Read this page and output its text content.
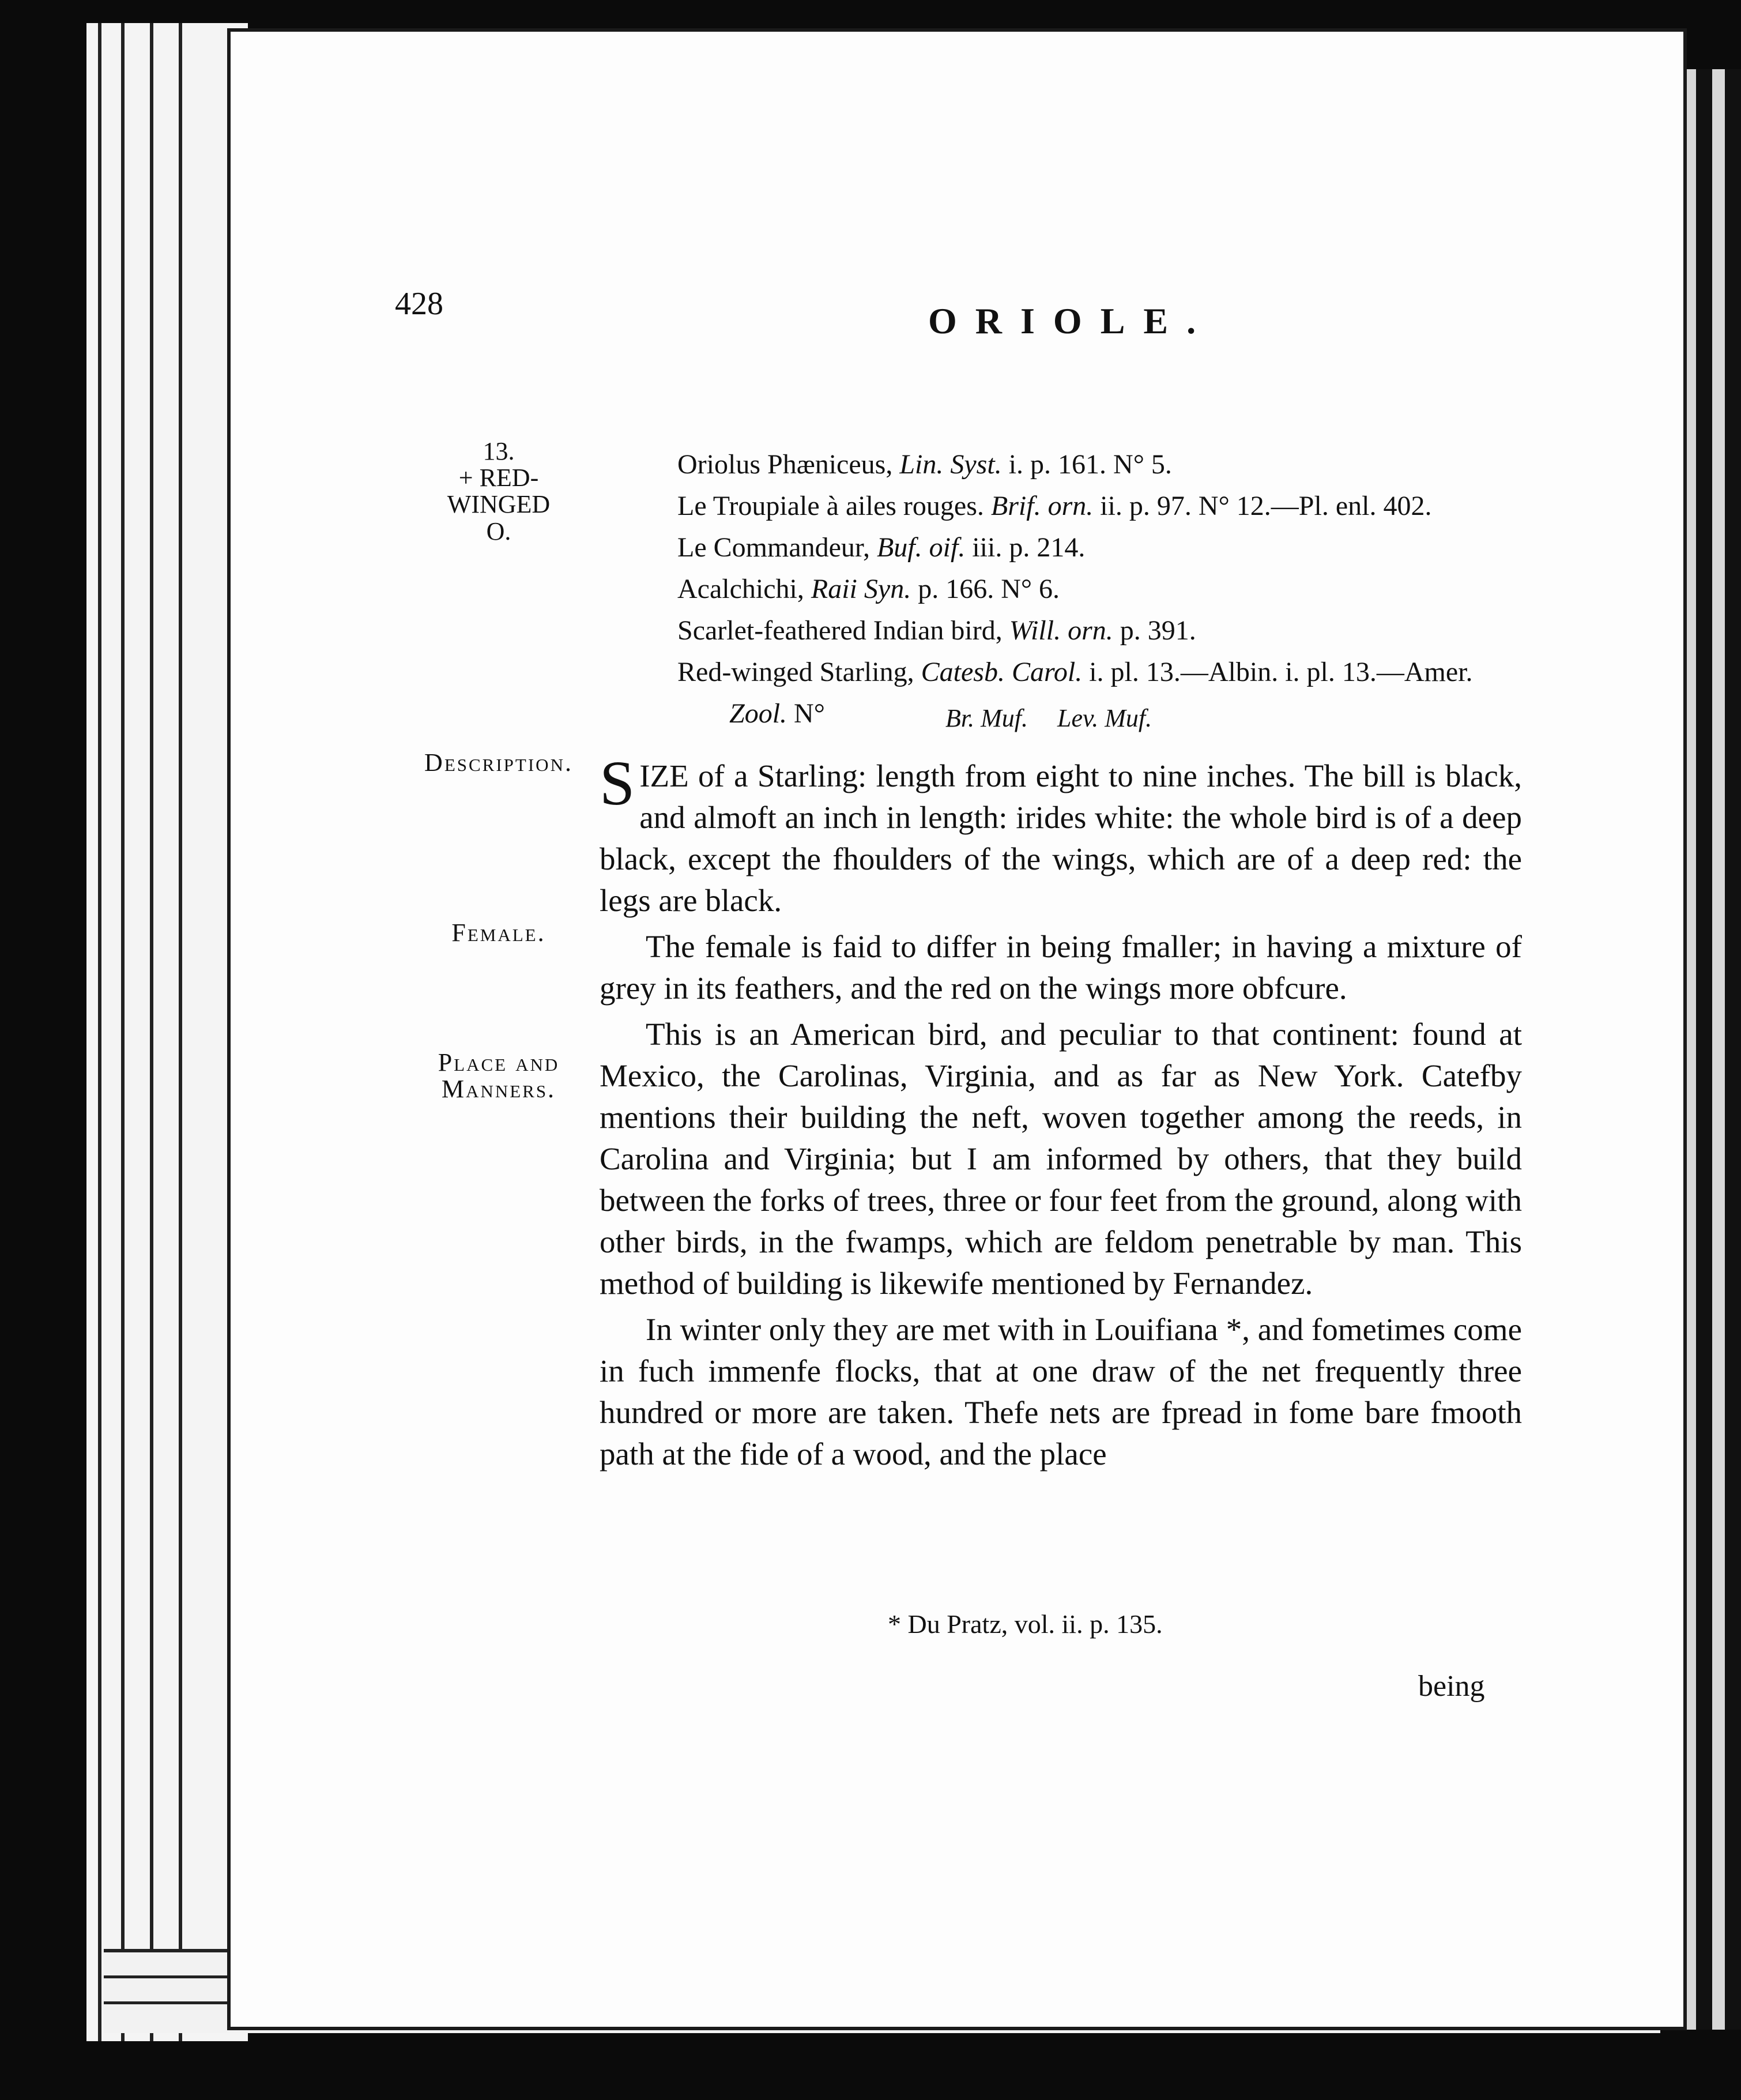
428	ORIOLE.
13.
+ RED-
WINGED
O.
Oriolus Phæniceus, Lin. Syst. i. p. 161. N° 5.
Le Troupiale à ailes rouges. Brif. orn. ii. p. 97. N° 12.—Pl. enl. 402.
Le Commandeur, Buf. oif. iii. p. 214.
Acalchichi, Raii Syn. p. 166. N° 6.
Scarlet-feathered Indian bird, Will. orn. p. 391.
Red-winged Starling, Catesb. Carol. i. pl. 13.—Albin. i. pl. 13.—Amer.
Zool. N°	Br. Muf. Lev. Muf.
Description.
Female.
Place and
Manners.

SIZE of a Starling: length from eight to nine inches. The bill is black, and almoft an inch in length: irides white: the whole bird is of a deep black, except the fhoulders of the wings, which are of a deep red: the legs are black.

The female is faid to differ in being fmaller; in having a mixture of grey in its feathers, and the red on the wings more obfcure.

This is an American bird, and peculiar to that continent: found at Mexico, the Carolinas, Virginia, and as far as New York. Catefby mentions their building the neft, woven together among the reeds, in Carolina and Virginia; but I am informed by others, that they build between the forks of trees, three or four feet from the ground, along with other birds, in the fwamps, which are feldom penetrable by man. This method of building is likewife mentioned by Fernandez.

In winter only they are met with in Louifiana *, and fometimes come in fuch immenfe flocks, that at one draw of the net frequently three hundred or more are taken. Thefe nets are fpread in fome bare fmooth path at the fide of a wood, and the place

* Du Pratz, vol. ii. p. 135.
being
